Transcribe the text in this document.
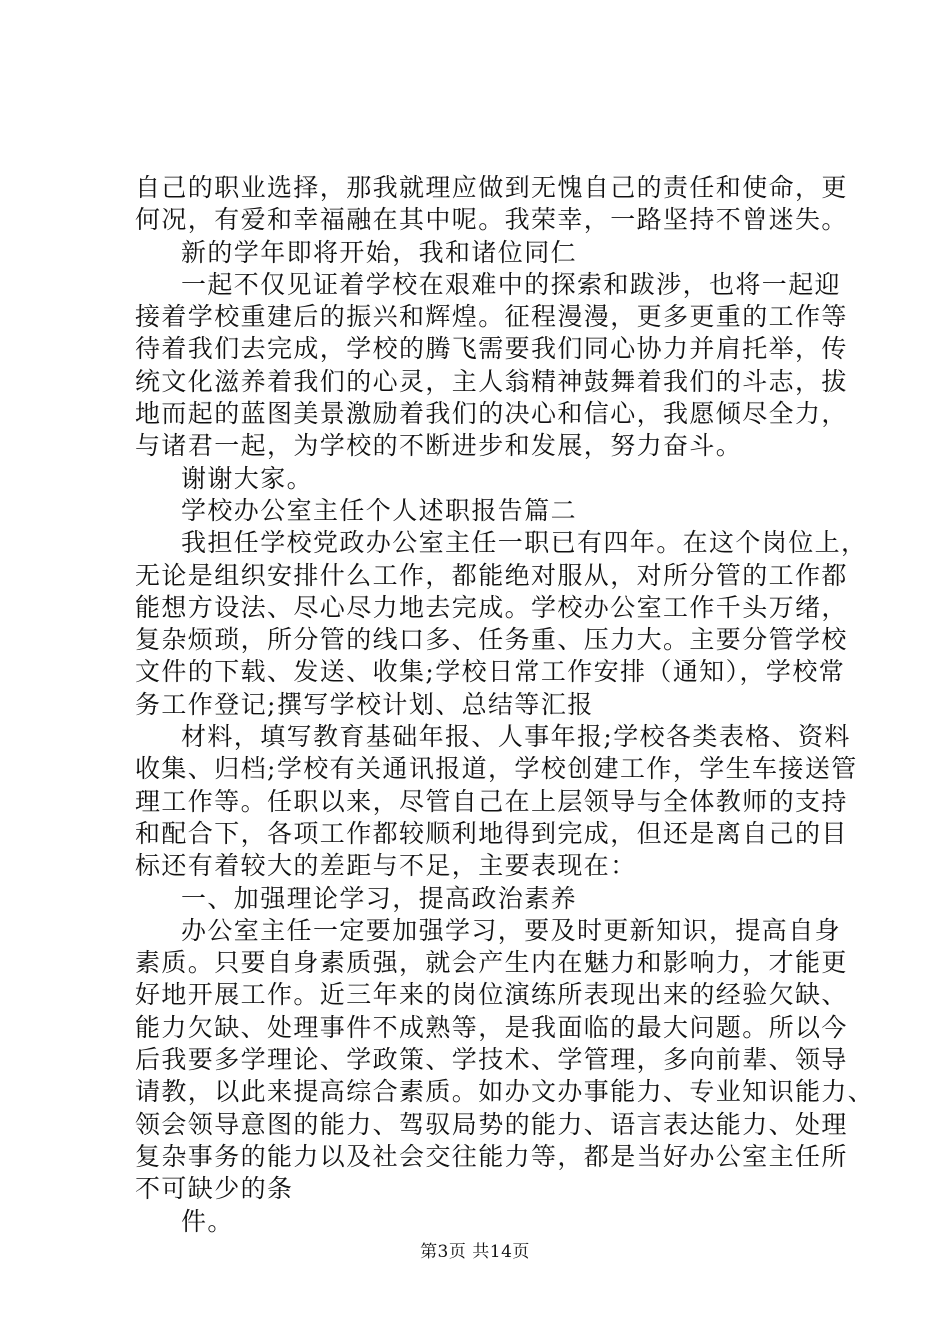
自己的职业选择，那我就理应做到无愧自己的责任和使命，更
何况，有爱和幸福融在其中呢。我荣幸，一路坚持不曾迷失。
新的学年即将开始，我和诸位同仁
一起不仅见证着学校在艰难中的探索和跋涉，也将一起迎
接着学校重建后的振兴和辉煌。征程漫漫，更多更重的工作等
待着我们去完成，学校的腾飞需要我们同心协力并肩托举，传
统文化滋养着我们的心灵，主人翁精神鼓舞着我们的斗志，拔
地而起的蓝图美景激励着我们的决心和信心，我愿倾尽全力，
与诸君一起，为学校的不断进步和发展，努力奋斗。
谢谢大家。
学校办公室主任个人述职报告篇二
我担任学校党政办公室主任一职已有四年。在这个岗位上，
无论是组织安排什么工作，都能绝对服从，对所分管的工作都
能想方设法、尽心尽力地去完成。学校办公室工作千头万绪，
复杂烦琐，所分管的线口多、任务重、压力大。主要分管学校
文件的下载、发送、收集;学校日常工作安排（通知），学校常
务工作登记;撰写学校计划、总结等汇报
材料，填写教育基础年报、人事年报;学校各类表格、资料
收集、归档;学校有关通讯报道，学校创建工作，学生车接送管
理工作等。任职以来，尽管自己在上层领导与全体教师的支持
和配合下，各项工作都较顺利地得到完成，但还是离自己的目
标还有着较大的差距与不足，主要表现在：
一、加强理论学习，提高政治素养
办公室主任一定要加强学习，要及时更新知识，提高自身
素质。只要自身素质强，就会产生内在魅力和影响力，才能更
好地开展工作。近三年来的岗位演练所表现出来的经验欠缺、
能力欠缺、处理事件不成熟等，是我面临的最大问题。所以今
后我要多学理论、学政策、学技术、学管理，多向前辈、领导
请教，以此来提高综合素质。如办文办事能力、专业知识能力、
领会领导意图的能力、驾驭局势的能力、语言表达能力、处理
复杂事务的能力以及社会交往能力等，都是当好办公室主任所
不可缺少的条
件。
第3页 共14页
